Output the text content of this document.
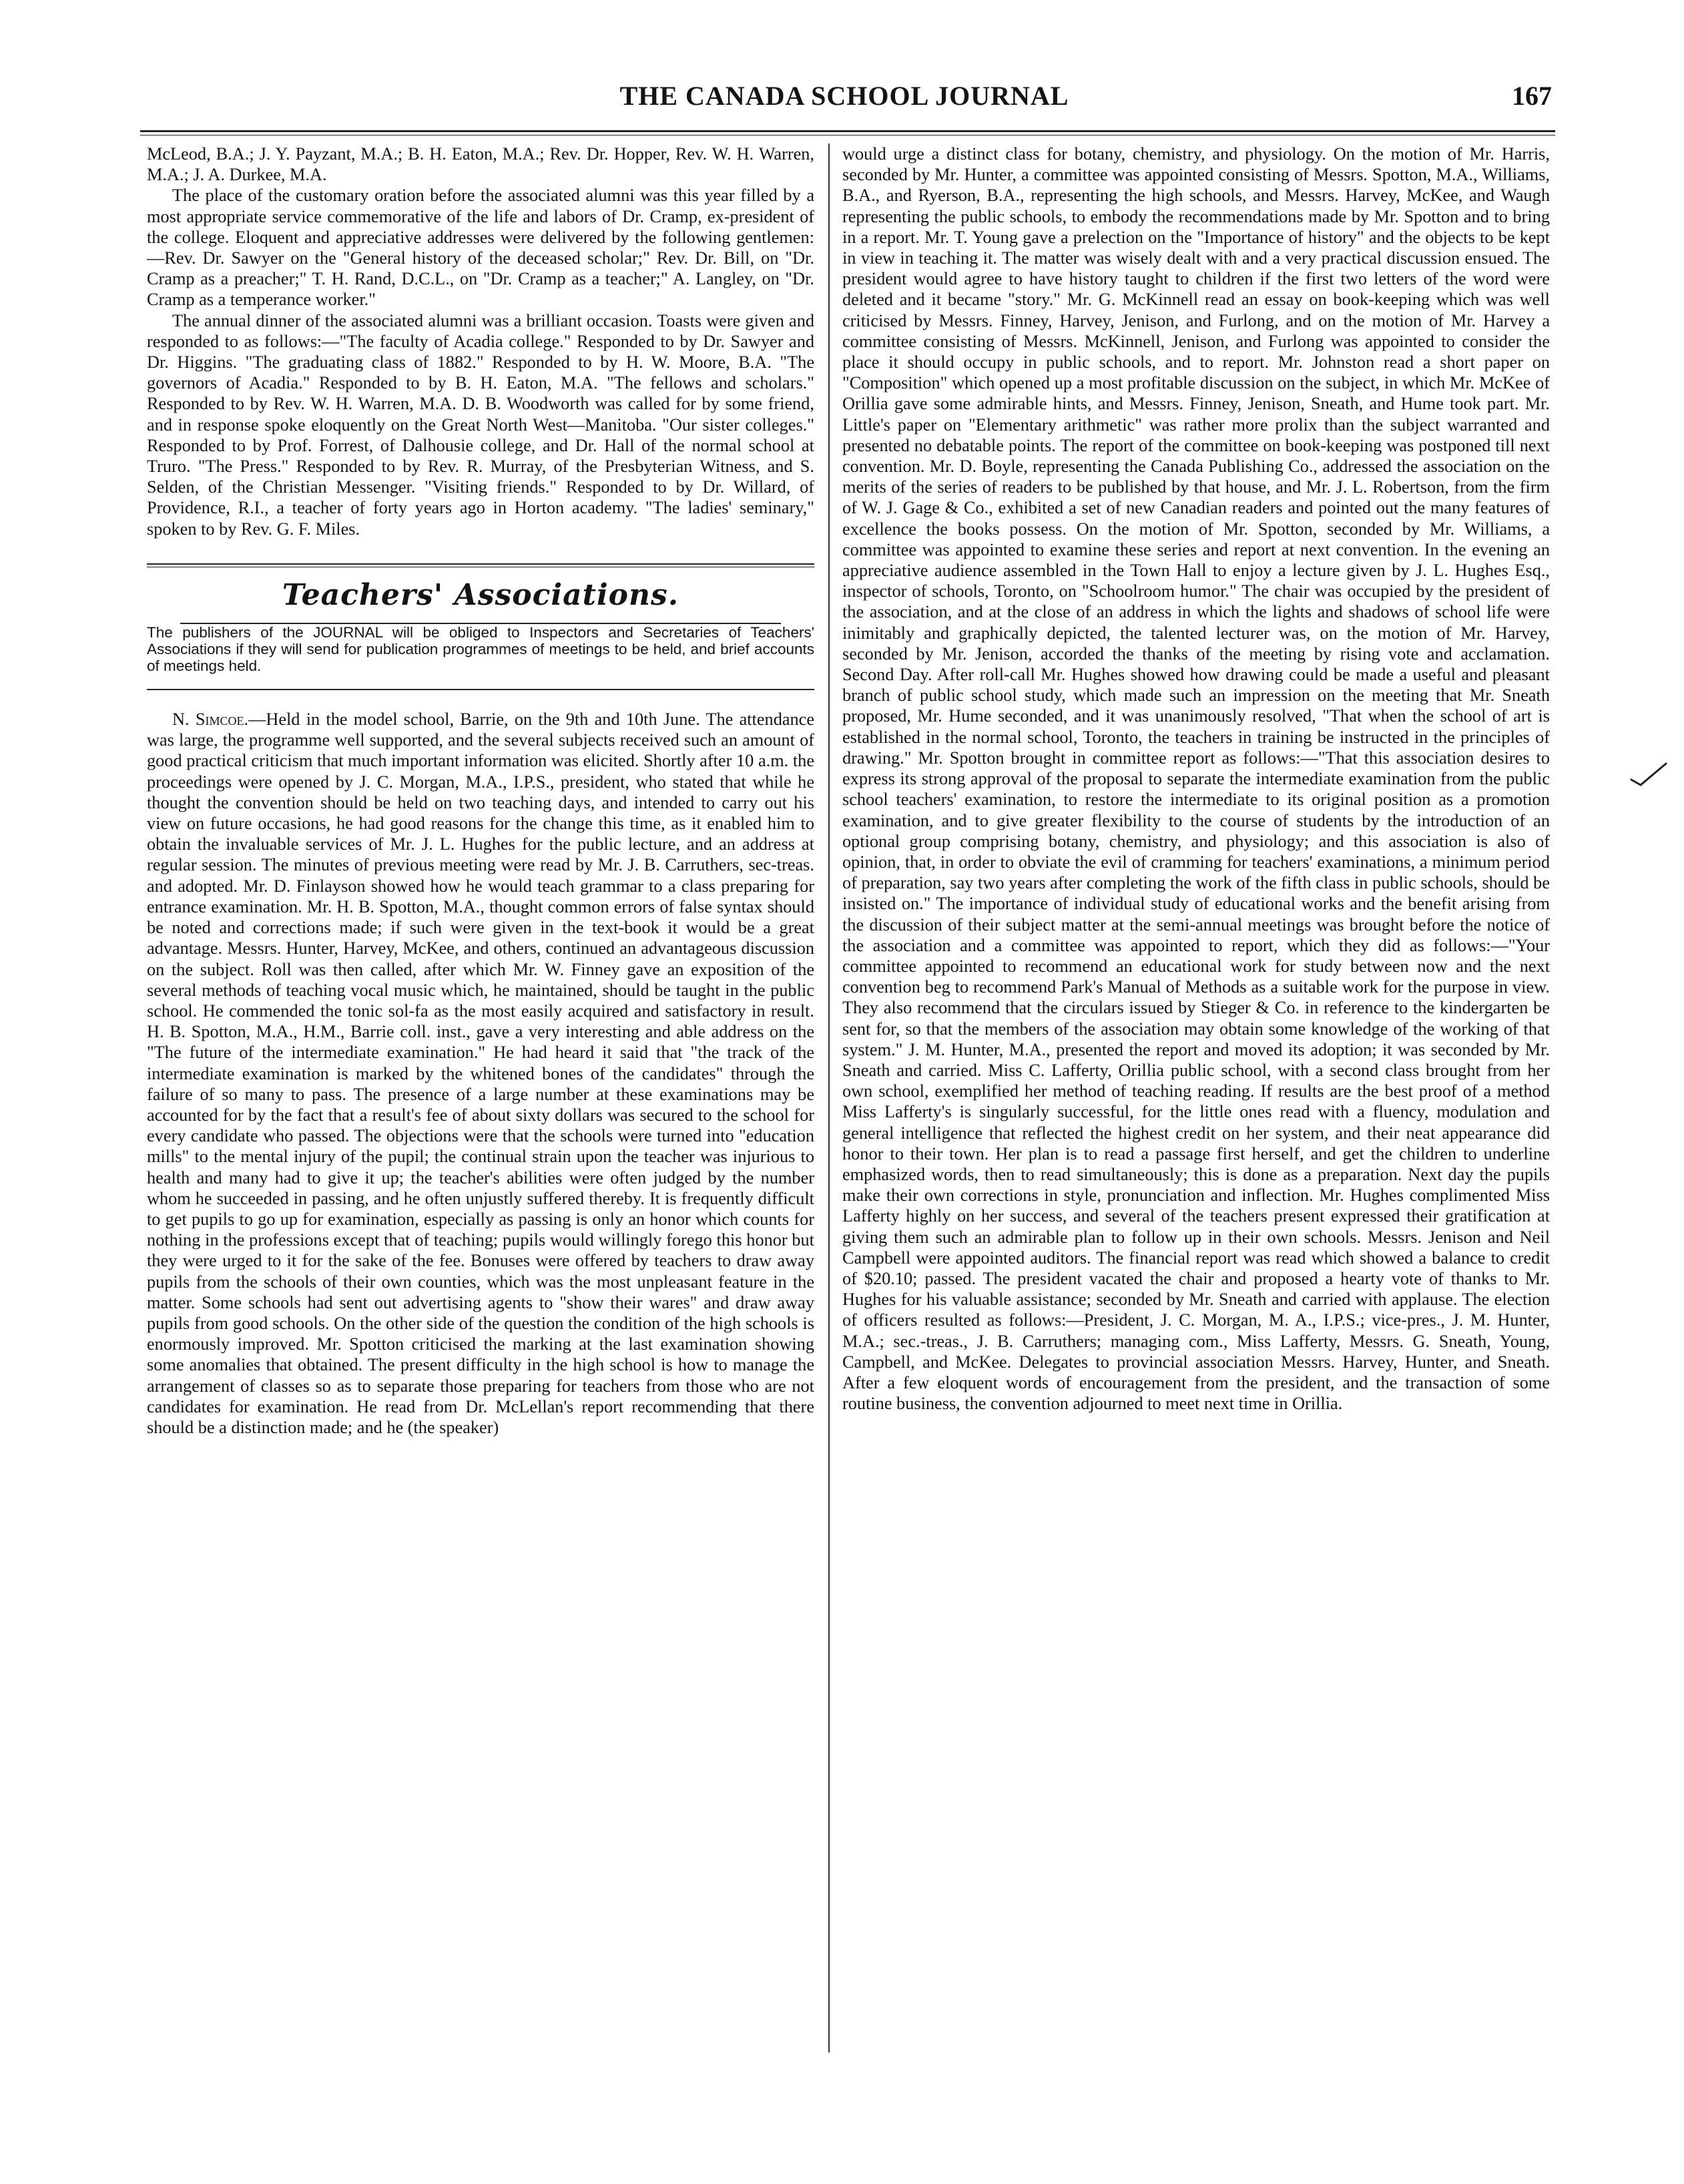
THE CANADA SCHOOL JOURNAL	167

McLeod, B.A.; J. Y. Payzant, M.A.; B. H. Eaton, M.A.; Rev. Dr. Hopper, Rev. W. H. Warren, M.A.; J. A. Durkee, M.A.

The place of the customary oration before the associated alumni was this year filled by a most appropriate service commemorative of the life and labors of Dr. Cramp, ex-president of the college. Eloquent and appreciative addresses were delivered by the following gentlemen:—Rev. Dr. Sawyer on the "General history of the deceased scholar;" Rev. Dr. Bill, on "Dr. Cramp as a preacher;" T. H. Rand, D.C.L., on "Dr. Cramp as a teacher;" A. Langley, on "Dr. Cramp as a temperance worker."

The annual dinner of the associated alumni was a brilliant occasion. Toasts were given and responded to as follows:—"The faculty of Acadia college." Responded to by Dr. Sawyer and Dr. Higgins. "The graduating class of 1882." Responded to by H. W. Moore, B.A. "The governors of Acadia." Responded to by B. H. Eaton, M.A. "The fellows and scholars." Responded to by Rev. W. H. Warren, M.A. D. B. Woodworth was called for by some friend, and in response spoke eloquently on the Great North West—Manitoba. "Our sister colleges." Responded to by Prof. Forrest, of Dalhousie college, and Dr. Hall of the normal school at Truro. "The Press." Responded to by Rev. R. Murray, of the Presbyterian Witness, and S. Selden, of the Christian Messenger. "Visiting friends." Responded to by Dr. Willard, of Providence, R.I., a teacher of forty years ago in Horton academy. "The ladies' seminary," spoken to by Rev. G. F. Miles.

Teachers' Associations.

The publishers of the JOURNAL will be obliged to Inspectors and Secretaries of Teachers' Associations if they will send for publication programmes of meetings to be held, and brief accounts of meetings held.

N. Simcoe.—Held in the model school, Barrie, on the 9th and 10th June. The attendance was large, the programme well supported, and the several subjects received such an amount of good practical criticism that much important information was elicited. Shortly after 10 a.m. the proceedings were opened by J. C. Morgan, M.A., I.P.S., president, who stated that while he thought the convention should be held on two teaching days, and intended to carry out his view on future occasions, he had good reasons for the change this time, as it enabled him to obtain the invaluable services of Mr. J. L. Hughes for the public lecture, and an address at regular session. The minutes of previous meeting were read by Mr. J. B. Carruthers, sec-treas. and adopted. Mr. D. Finlayson showed how he would teach grammar to a class preparing for entrance examination. Mr. H. B. Spotton, M.A., thought common errors of false syntax should be noted and corrections made; if such were given in the text-book it would be a great advantage. Messrs. Hunter, Harvey, McKee, and others, continued an advantageous discussion on the subject. Roll was then called, after which Mr. W. Finney gave an exposition of the several methods of teaching vocal music which, he maintained, should be taught in the public school. He commended the tonic sol-fa as the most easily acquired and satisfactory in result. H. B. Spotton, M.A., H.M., Barrie coll. inst., gave a very interesting and able address on the "The future of the intermediate examination." He had heard it said that "the track of the intermediate examination is marked by the whitened bones of the candidates" through the failure of so many to pass. The presence of a large number at these examinations may be accounted for by the fact that a result's fee of about sixty dollars was secured to the school for every candidate who passed. The objections were that the schools were turned into "education mills" to the mental injury of the pupil; the continual strain upon the teacher was injurious to health and many had to give it up; the teacher's abilities were often judged by the number whom he succeeded in passing, and he often unjustly suffered thereby. It is frequently difficult to get pupils to go up for examination, especially as passing is only an honor which counts for nothing in the professions except that of teaching; pupils would willingly forego this honor but they were urged to it for the sake of the fee. Bonuses were offered by teachers to draw away pupils from the schools of their own counties, which was the most unpleasant feature in the matter. Some schools had sent out advertising agents to "show their wares" and draw away pupils from good schools. On the other side of the question the condition of the high schools is enormously improved. Mr. Spotton criticised the marking at the last examination showing some anomalies that obtained. The present difficulty in the high school is how to manage the arrangement of classes so as to separate those preparing for teachers from those who are not candidates for examination. He read from Dr. McLellan's report recommending that there should be a distinction made; and he (the speaker)

would urge a distinct class for botany, chemistry, and physiology. On the motion of Mr. Harris, seconded by Mr. Hunter, a committee was appointed consisting of Messrs. Spotton, M.A., Williams, B.A., and Ryerson, B.A., representing the high schools, and Messrs. Harvey, McKee, and Waugh representing the public schools, to embody the recommendations made by Mr. Spotton and to bring in a report. Mr. T. Young gave a prelection on the "Importance of history" and the objects to be kept in view in teaching it. The matter was wisely dealt with and a very practical discussion ensued. The president would agree to have history taught to children if the first two letters of the word were deleted and it became "story." Mr. G. McKinnell read an essay on book-keeping which was well criticised by Messrs. Finney, Harvey, Jenison, and Furlong, and on the motion of Mr. Harvey a committee consisting of Messrs. McKinnell, Jenison, and Furlong was appointed to consider the place it should occupy in public schools, and to report. Mr. Johnston read a short paper on "Composition" which opened up a most profitable discussion on the subject, in which Mr. McKee of Orillia gave some admirable hints, and Messrs. Finney, Jenison, Sneath, and Hume took part. Mr. Little's paper on "Elementary arithmetic" was rather more prolix than the subject warranted and presented no debatable points. The report of the committee on book-keeping was postponed till next convention. Mr. D. Boyle, representing the Canada Publishing Co., addressed the association on the merits of the series of readers to be published by that house, and Mr. J. L. Robertson, from the firm of W. J. Gage & Co., exhibited a set of new Canadian readers and pointed out the many features of excellence the books possess. On the motion of Mr. Spotton, seconded by Mr. Williams, a committee was appointed to examine these series and report at next convention. In the evening an appreciative audience assembled in the Town Hall to enjoy a lecture given by J. L. Hughes Esq., inspector of schools, Toronto, on "Schoolroom humor." The chair was occupied by the president of the association, and at the close of an address in which the lights and shadows of school life were inimitably and graphically depicted, the talented lecturer was, on the motion of Mr. Harvey, seconded by Mr. Jenison, accorded the thanks of the meeting by rising vote and acclamation. Second Day. After roll-call Mr. Hughes showed how drawing could be made a useful and pleasant branch of public school study, which made such an impression on the meeting that Mr. Sneath proposed, Mr. Hume seconded, and it was unanimously resolved, "That when the school of art is established in the normal school, Toronto, the teachers in training be instructed in the principles of drawing." Mr. Spotton brought in committee report as follows:—"That this association desires to express its strong approval of the proposal to separate the intermediate examination from the public school teachers' examination, to restore the intermediate to its original position as a promotion examination, and to give greater flexibility to the course of students by the introduction of an optional group comprising botany, chemistry, and physiology; and this association is also of opinion, that, in order to obviate the evil of cramming for teachers' examinations, a minimum period of preparation, say two years after completing the work of the fifth class in public schools, should be insisted on." The importance of individual study of educational works and the benefit arising from the discussion of their subject matter at the semi-annual meetings was brought before the notice of the association and a committee was appointed to report, which they did as follows:—"Your committee appointed to recommend an educational work for study between now and the next convention beg to recommend Park's Manual of Methods as a suitable work for the purpose in view. They also recommend that the circulars issued by Stieger & Co. in reference to the kindergarten be sent for, so that the members of the association may obtain some knowledge of the working of that system." J. M. Hunter, M.A., presented the report and moved its adoption; it was seconded by Mr. Sneath and carried. Miss C. Lafferty, Orillia public school, with a second class brought from her own school, exemplified her method of teaching reading. If results are the best proof of a method Miss Lafferty's is singularly successful, for the little ones read with a fluency, modulation and general intelligence that reflected the highest credit on her system, and their neat appearance did honor to their town. Her plan is to read a passage first herself, and get the children to underline emphasized words, then to read simultaneously; this is done as a preparation. Next day the pupils make their own corrections in style, pronunciation and inflection. Mr. Hughes complimented Miss Lafferty highly on her success, and several of the teachers present expressed their gratification at giving them such an admirable plan to follow up in their own schools. Messrs. Jenison and Neil Campbell were appointed auditors. The financial report was read which showed a balance to credit of $20.10; passed. The president vacated the chair and proposed a hearty vote of thanks to Mr. Hughes for his valuable assistance; seconded by Mr. Sneath and carried with applause. The election of officers resulted as follows:—President, J. C. Morgan, M. A., I.P.S.; vice-pres., J. M. Hunter, M.A.; sec.-treas., J. B. Carruthers; managing com., Miss Lafferty, Messrs. G. Sneath, Young, Campbell, and McKee. Delegates to provincial association Messrs. Harvey, Hunter, and Sneath. After a few eloquent words of encouragement from the president, and the transaction of some routine business, the convention adjourned to meet next time in Orillia.
